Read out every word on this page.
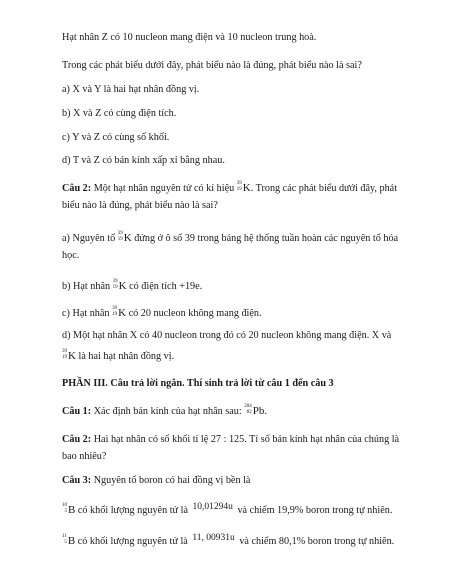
Hạt nhân Z có 10 nucleon mang điện và 10 nucleon trung hoà.
Trong các phát biểu dưới đây, phát biểu nào là đúng, phát biểu nào là sai?
a) X và Y là hai hạt nhân đồng vị.
b) X và Z có cùng điện tích.
c) Y và Z có cùng số khối.
d) T và Z có bán kính xấp xỉ bằng nhau.
Câu 2: Một hạt nhân nguyên tử có kí hiệu 39
19 K. Trong các phát biểu dưới đây, phát
biểu nào là đúng, phát biểu nào là sai?
a) Nguyên tố 39
19 K đứng ở ô số 39 trong bảng hệ thống tuần hoàn các nguyên tố hóa
học.
b) Hạt nhân 39
19 K có điện tích +19e.
c) Hạt nhân 39
19 K có 20 nucleon không mang điện.
d) Một hạt nhân X có 40 nucleon trong đó có 20 nucleon không mang điện. X và
39
19 K là hai hạt nhân đồng vị.
PHẦN III. Câu trả lời ngắn. Thí sinh trả lời từ câu 1 đến câu 3
Câu 1: Xác định bán kính của hạt nhân sau: 204
82 Pb.
Câu 2: Hai hạt nhân có số khối tỉ lệ 27 : 125. Tỉ số bán kính hạt nhân của chúng là
bao nhiêu?
Câu 3: Nguyên tố boron có hai đồng vị bền là
10
5 B có khối lượng nguyên tử là 10,01294u và chiếm 19,9% boron trong tự nhiên.
11
5 B có khối lượng nguyên tử là 11, 00931u và chiếm 80,1% boron trong tự nhiên.
